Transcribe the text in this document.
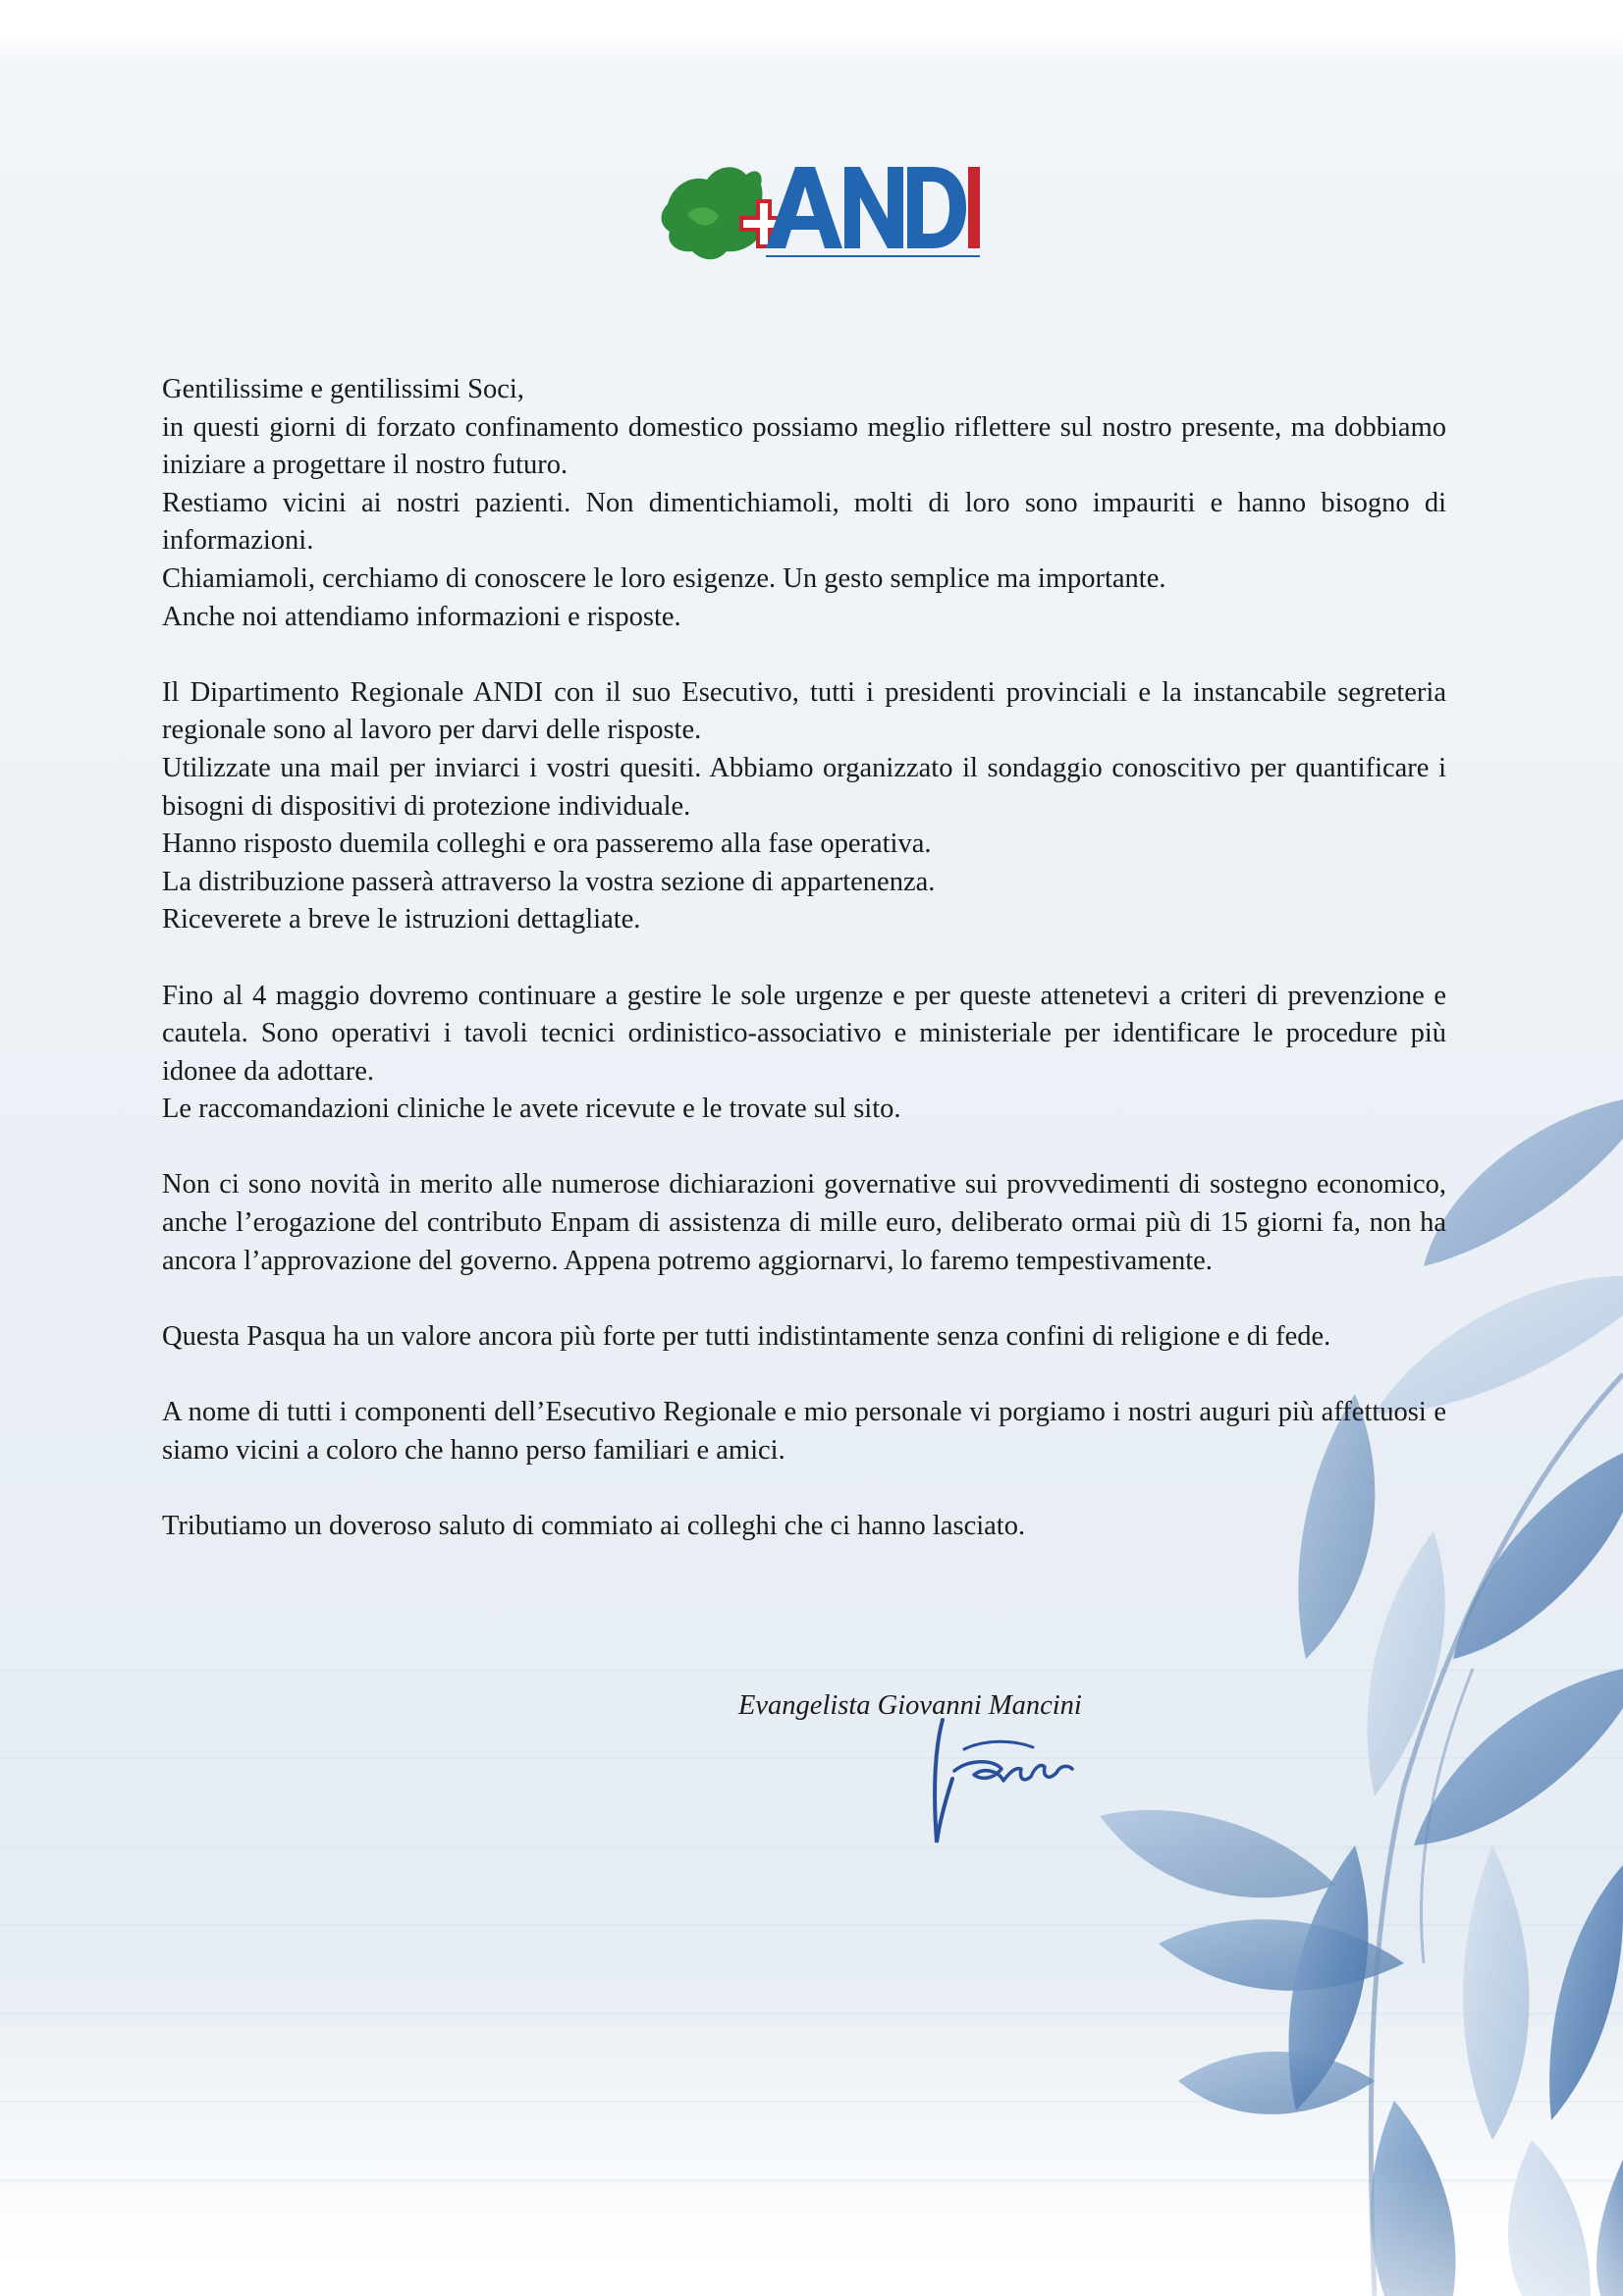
Gentilissime e gentilissimi Soci,
in questi giorni di forzato confinamento domestico possiamo meglio riflettere sul nostro presente, ma dobbiamo iniziare a progettare il nostro futuro.
Restiamo vicini ai nostri pazienti. Non dimentichiamoli, molti di loro sono impauriti e hanno bisogno di informazioni.
Chiamiamoli, cerchiamo di conoscere le loro esigenze. Un gesto semplice ma importante.
Anche noi attendiamo informazioni e risposte.

Il Dipartimento Regionale ANDI con il suo Esecutivo, tutti i presidenti provinciali e la instancabile segreteria regionale sono al lavoro per darvi delle risposte.
Utilizzate una mail per inviarci i vostri quesiti. Abbiamo organizzato il sondaggio conoscitivo per quantificare i bisogni di dispositivi di protezione individuale.
Hanno risposto duemila colleghi e ora passeremo alla fase operativa.
La distribuzione passerà attraverso la vostra sezione di appartenenza.
Riceverete a breve le istruzioni dettagliate.

Fino al 4 maggio dovremo continuare a gestire le sole urgenze e per queste attenetevi a criteri di prevenzione e cautela. Sono operativi i tavoli tecnici ordinistico-associativo e ministeriale per identificare le procedure più idonee da adottare.
Le raccomandazioni cliniche le avete ricevute e le trovate sul sito.

Non ci sono novità in merito alle numerose dichiarazioni governative sui provvedimenti di sostegno economico, anche l’erogazione del contributo Enpam di assistenza di mille euro, deliberato ormai più di 15 giorni fa, non ha ancora l’approvazione del governo. Appena potremo aggiornarvi, lo faremo tempestivamente.

Questa Pasqua ha un valore ancora più forte per tutti indistintamente senza confini di religione e di fede.

A nome di tutti i componenti dell’Esecutivo Regionale e mio personale vi porgiamo i nostri auguri più affettuosi e siamo vicini a coloro che hanno perso familiari e amici.

Tributiamo un doveroso saluto di commiato ai colleghi che ci hanno lasciato.

Evangelista Giovanni Mancini
